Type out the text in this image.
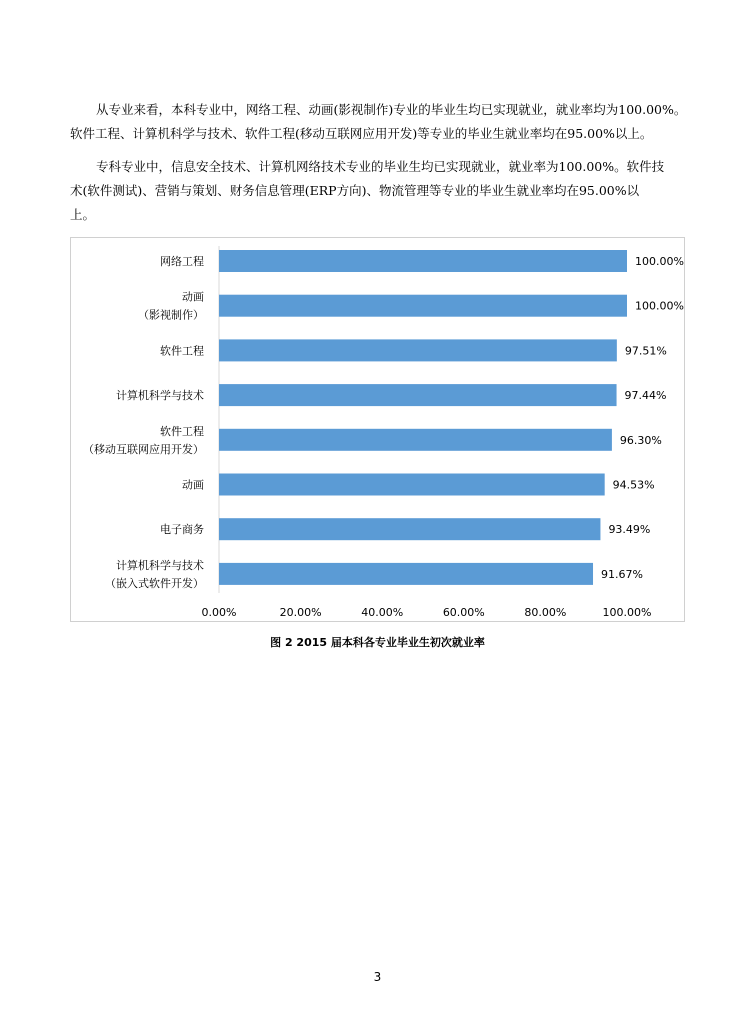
从专业来看，本科专业中，网络工程、动画(影视制作)专业的毕业生均已实现就业，就业率均为100.00%。

软件工程、计算机科学与技术、软件工程(移动互联网应用开发)等专业的毕业生就业率均在95.00%以上。

专科专业中，信息安全技术、计算机网络技术专业的毕业生均已实现就业，就业率为100.00%。软件技

术(软件测试)、营销与策划、财务信息管理(ERP方向)、物流管理等专业的毕业生就业率均在95.00%以

上。

100.00%
网络工程
100.00%
动画（影视制作）
97.51%
软件工程
97.44%
计算机科学与技术
96.30%
软件工程（移动互联网应用开发）
94.53%
动画
93.49%
电子商务
91.67%
计算机科学与技术（嵌入式软件开发）
0.00%	20.00%	40.00%	60.00%	80.00%	100.00%
图 2 2015 届本科各专业毕业生初次就业率
3
